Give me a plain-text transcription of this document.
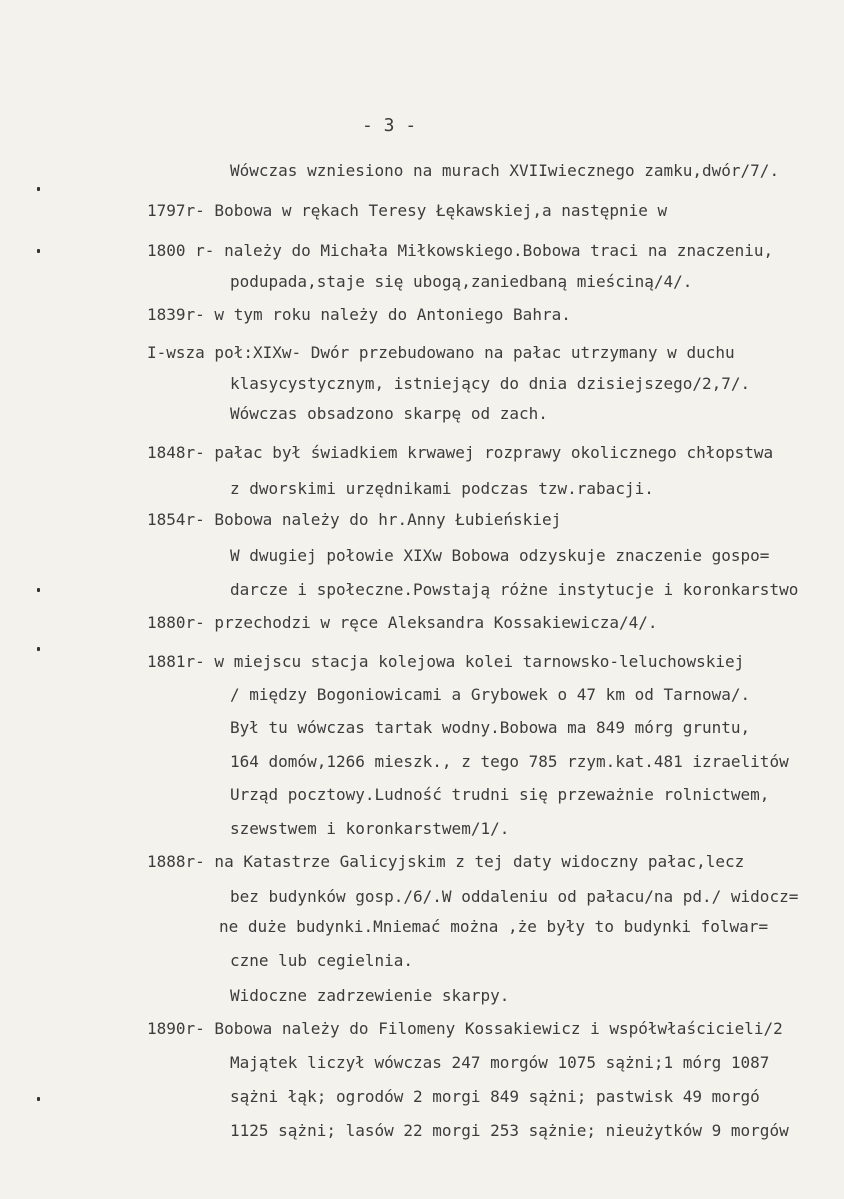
- 3 -
Wówczas wzniesiono na murach XVIIwiecznego zamku,dwór/7/.
1797r- Bobowa w rękach Teresy Łękawskiej,a następnie w
1800 r- należy do Michała Miłkowskiego.Bobowa traci na znaczeniu,
podupada,staje się ubogą,zaniedbaną mieściną/4/.
1839r- w tym roku należy do Antoniego Bahra.
I-wsza poł:XIXw- Dwór przebudowano na pałac utrzymany w duchu
klasycystycznym, istniejący do dnia dzisiejszego/2,7/.
Wówczas obsadzono skarpę od zach.
1848r- pałac był świadkiem krwawej rozprawy okolicznego chłopstwa
z dworskimi urzędnikami podczas tzw.rabacji.
1854r- Bobowa należy do hr.Anny Łubieńskiej
W dwugiej połowie XIXw Bobowa odzyskuje znaczenie gospo=
darcze i społeczne.Powstają różne instytucje i koronkarstwo
1880r- przechodzi w ręce Aleksandra Kossakiewicza/4/.
1881r- w miejscu stacja kolejowa kolei tarnowsko-leluchowskiej
/ między Bogoniowicami a Grybowek o 47 km od Tarnowa/.
Był tu wówczas tartak wodny.Bobowa ma 849 mórg gruntu,
164 domów,1266 mieszk., z tego 785 rzym.kat.481 izraelitów
Urząd pocztowy.Ludność trudni się przeważnie rolnictwem,
szewstwem i koronkarstwem/1/.
1888r- na Katastrze Galicyjskim z tej daty widoczny pałac,lecz
bez budynków gosp./6/.W oddaleniu od pałacu/na pd./ widocz=
ne duże budynki.Mniemać można ,że były to budynki folwar=
czne lub cegielnia.
Widoczne zadrzewienie skarpy.
1890r- Bobowa należy do Filomeny Kossakiewicz i współwłaścicieli/2
Majątek liczył wówczas 247 morgów 1075 sążni;1 mórg 1087
sążni łąk; ogrodów 2 morgi 849 sążni; pastwisk 49 morgó
1125 sążni; lasów 22 morgi 253 sążnie; nieużytków 9 morgów
